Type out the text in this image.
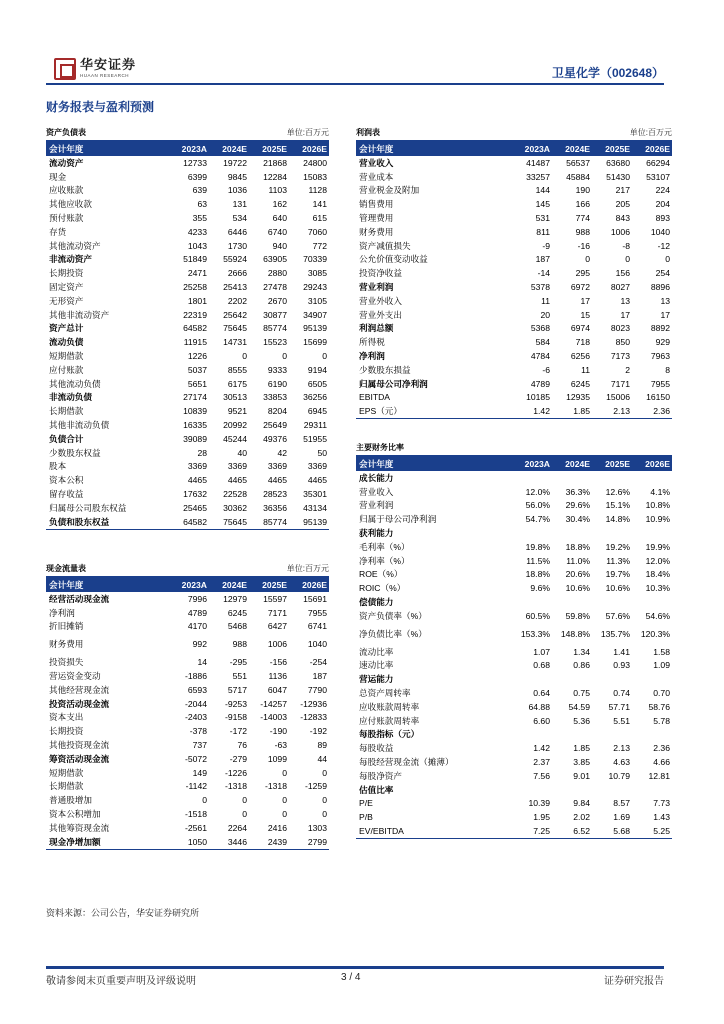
华安证券
HUAAN RESEARCH	卫星化学（002648）
财务报表与盈利预测
资产负债表	单位:百万元
会计年度	2023A	2024E	2025E	2026E
流动资产	12733	19722	21868	24800
现金	6399	9845	12284	15083
应收账款	639	1036	1103	1128
其他应收款	63	131	162	141
预付账款	355	534	640	615
存货	4233	6446	6740	7060
其他流动资产	1043	1730	940	772
非流动资产	51849	55924	63905	70339
长期投资	2471	2666	2880	3085
固定资产	25258	25413	27478	29243
无形资产	1801	2202	2670	3105
其他非流动资产	22319	25642	30877	34907
资产总计	64582	75645	85774	95139
流动负债	11915	14731	15523	15699
短期借款	1226	0	0	0
应付账款	5037	8555	9333	9194
其他流动负债	5651	6175	6190	6505
非流动负债	27174	30513	33853	36256
长期借款	10839	9521	8204	6945
其他非流动负债	16335	20992	25649	29311
负债合计	39089	45244	49376	51955
少数股东权益	28	40	42	50
股本	3369	3369	3369	3369
资本公积	4465	4465	4465	4465
留存收益	17632	22528	28523	35301
归属母公司股东权益	25465	30362	36356	43134
负债和股东权益	64582	75645	85774	95139
现金流量表	单位:百万元
会计年度	2023A	2024E	2025E	2026E
经营活动现金流	7996	12979	15597	15691
净利润	4789	6245	7171	7955
折旧摊销	4170	5468	6427	6741
财务费用	992	988	1006	1040
投资损失	14	-295	-156	-254
营运资金变动	-1886	551	1136	187
其他经营现金流	6593	5717	6047	7790
投资活动现金流	-2044	-9253	-14257	-12936
资本支出	-2403	-9158	-14003	-12833
长期投资	-378	-172	-190	-192
其他投资现金流	737	76	-63	89
筹资活动现金流	-5072	-279	1099	44
短期借款	149	-1226	0	0
长期借款	-1142	-1318	-1318	-1259
普通股增加	0	0	0	0
资本公积增加	-1518	0	0	0
其他筹资现金流	-2561	2264	2416	1303
现金净增加额	1050	3446	2439	2799
利润表	单位:百万元
会计年度	2023A	2024E	2025E	2026E
营业收入	41487	56537	63680	66294
营业成本	33257	45884	51430	53107
营业税金及附加	144	190	217	224
销售费用	145	166	205	204
管理费用	531	774	843	893
财务费用	811	988	1006	1040
资产减值损失	-9	-16	-8	-12
公允价值变动收益	187	0	0	0
投资净收益	-14	295	156	254
营业利润	5378	6972	8027	8896
营业外收入	11	17	13	13
营业外支出	20	15	17	17
利润总额	5368	6974	8023	8892
所得税	584	718	850	929
净利润	4784	6256	7173	7963
少数股东损益	-6	11	2	8
归属母公司净利润	4789	6245	7171	7955
EBITDA	10185	12935	15006	16150
EPS（元）	1.42	1.85	2.13	2.36
主要财务比率
会计年度	2023A	2024E	2025E	2026E
成长能力
营业收入	12.0%	36.3%	12.6%	4.1%
营业利润	56.0%	29.6%	15.1%	10.8%
归属于母公司净利润	54.7%	30.4%	14.8%	10.9%
获利能力
毛利率（%）	19.8%	18.8%	19.2%	19.9%
净利率（%）	11.5%	11.0%	11.3%	12.0%
ROE（%）	18.8%	20.6%	19.7%	18.4%
ROIC（%）	9.6%	10.6%	10.6%	10.3%
偿债能力
资产负债率（%）	60.5%	59.8%	57.6%	54.6%
净负债比率（%）	153.3%	148.8%	135.7%	120.3%
流动比率	1.07	1.34	1.41	1.58
速动比率	0.68	0.86	0.93	1.09
营运能力
总资产周转率	0.64	0.75	0.74	0.70
应收账款周转率	64.88	54.59	57.71	58.76
应付账款周转率	6.60	5.36	5.51	5.78
每股指标（元）
每股收益	1.42	1.85	2.13	2.36
每股经营现金流（摊薄）	2.37	3.85	4.63	4.66
每股净资产	7.56	9.01	10.79	12.81
估值比率
P/E	10.39	9.84	8.57	7.73
P/B	1.95	2.02	1.69	1.43
EV/EBITDA	7.25	6.52	5.68	5.25
资料来源：公司公告，华安证券研究所
敬请参阅末页重要声明及评级说明	3 / 4	证券研究报告
